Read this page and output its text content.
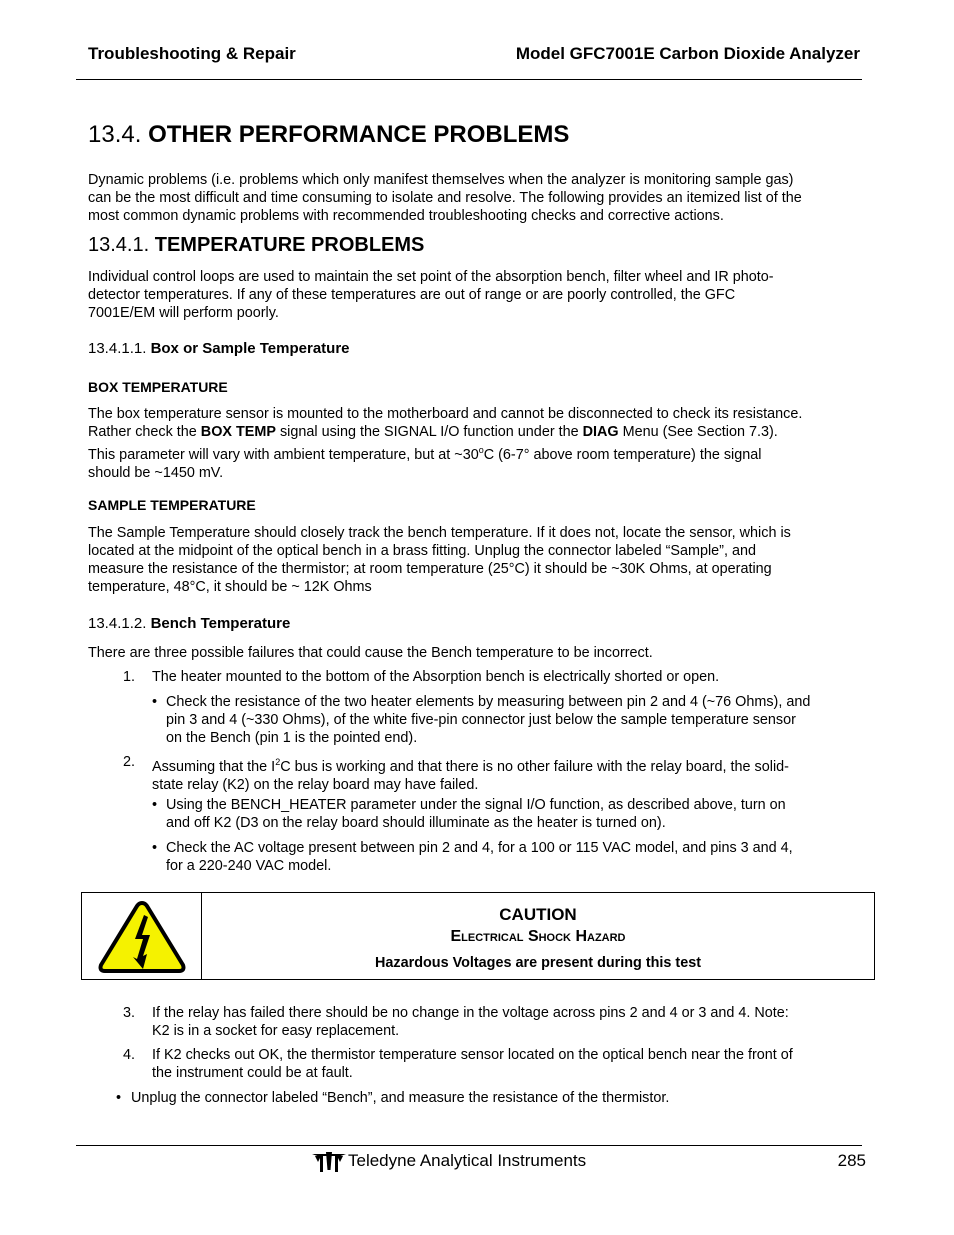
Troubleshooting & Repair	Model GFC7001E Carbon Dioxide Analyzer
13.4. OTHER PERFORMANCE PROBLEMS
Dynamic problems (i.e. problems which only manifest themselves when the analyzer is monitoring sample gas)
can be the most difficult and time consuming to isolate and resolve. The following provides an itemized list of the
most common dynamic problems with recommended troubleshooting checks and corrective actions.
13.4.1. TEMPERATURE PROBLEMS
Individual control loops are used to maintain the set point of the absorption bench, filter wheel and IR photo-
detector temperatures. If any of these temperatures are out of range or are poorly controlled, the GFC
7001E/EM will perform poorly.
13.4.1.1. Box or Sample Temperature
BOX TEMPERATURE
The box temperature sensor is mounted to the motherboard and cannot be disconnected to check its resistance.
Rather check the BOX TEMP signal using the SIGNAL I/O function under the DIAG Menu (See Section 7.3).
This parameter will vary with ambient temperature, but at ~30$^o$C (6-7° above room temperature) the signal
should be ~1450 mV.
SAMPLE TEMPERATURE
The Sample Temperature should closely track the bench temperature. If it does not, locate the sensor, which is
located at the midpoint of the optical bench in a brass fitting. Unplug the connector labeled “Sample”, and
measure the resistance of the thermistor; at room temperature (25°C) it should be ~30K Ohms, at operating
temperature, 48°C, it should be ~ 12K Ohms
13.4.1.2. Bench Temperature
There are three possible failures that could cause the Bench temperature to be incorrect.
1. The heater mounted to the bottom of the Absorption bench is electrically shorted or open.
• Check the resistance of the two heater elements by measuring between pin 2 and 4 (~76 Ohms), and
pin 3 and 4 (~330 Ohms), of the white five-pin connector just below the sample temperature sensor
on the Bench (pin 1 is the pointed end).
2. Assuming that the $I^2C$ bus is working and that there is no other failure with the relay board, the solid-
state relay (K2) on the relay board may have failed.
• Using the BENCH_HEATER parameter under the signal I/O function, as described above, turn on
and off K2 (D3 on the relay board should illuminate as the heater is turned on).
• Check the AC voltage present between pin 2 and 4, for a 100 or 115 VAC model, and pins 3 and 4,
for a 220-240 VAC model.
CAUTION
Electrical Shock Hazard
Hazardous Voltages are present during this test
3. If the relay has failed there should be no change in the voltage across pins 2 and 4 or 3 and 4. Note:
K2 is in a socket for easy replacement.
4. If K2 checks out OK, the thermistor temperature sensor located on the optical bench near the front of
the instrument could be at fault.
• Unplug the connector labeled “Bench”, and measure the resistance of the thermistor.
Teledyne Analytical Instruments	285
